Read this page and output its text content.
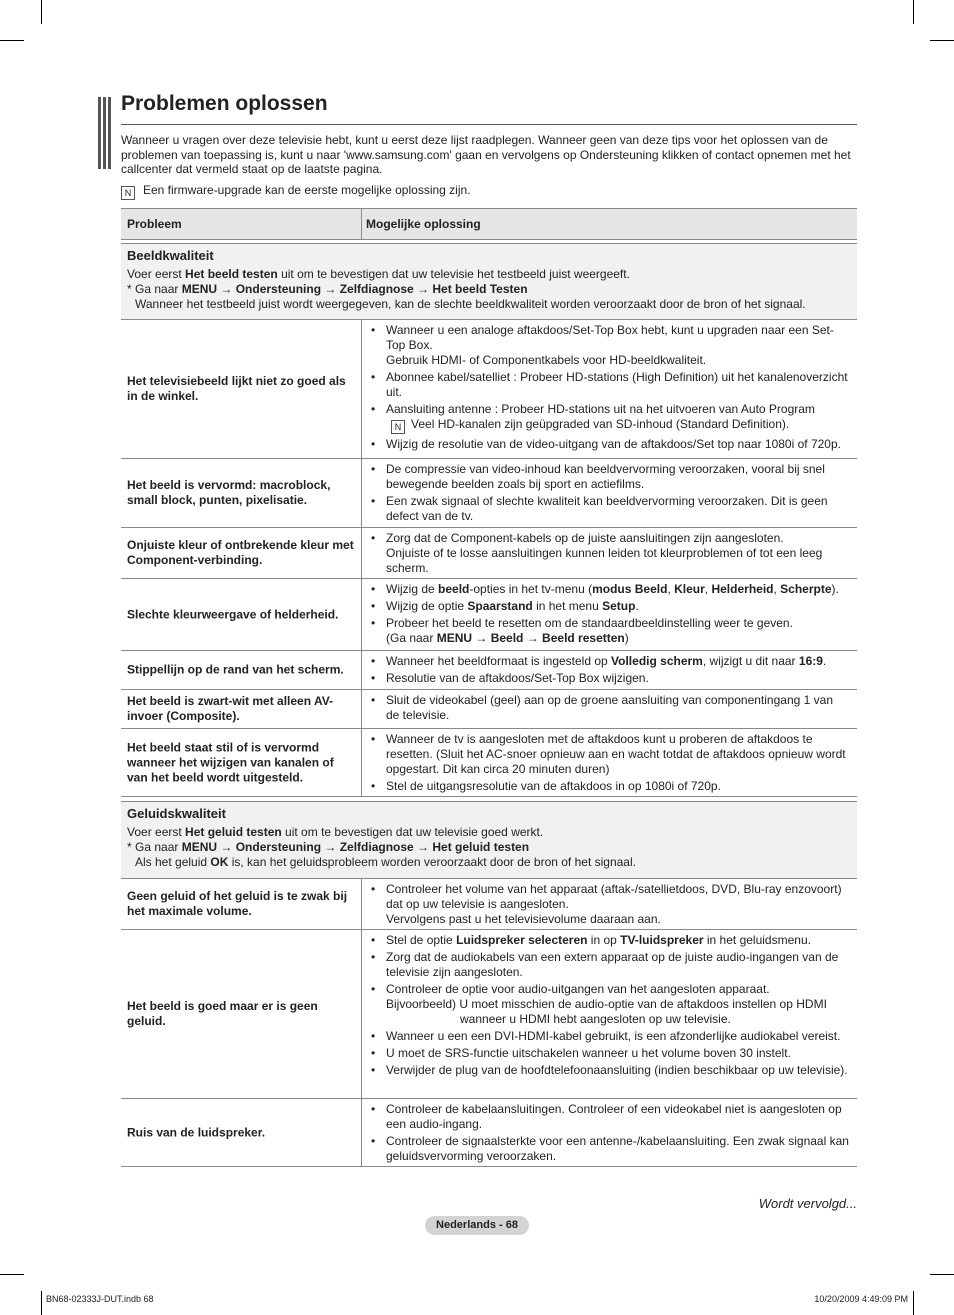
Problemen oplossen

Wanneer u vragen over deze televisie hebt, kunt u eerst deze lijst raadplegen. Wanneer geen van deze tips voor het oplossen van de problemen van toepassing is, kunt u naar 'www.samsung.com' gaan en vervolgens op Ondersteuning klikken of contact opnemen met het callcenter dat vermeld staat op de laatste pagina.

N Een firmware-upgrade kan de eerste mogelijke oplossing zijn.
Probleem	Mogelijke oplossing
Beeldkwaliteit

Voer eerst Het beeld testen uit om te bevestigen dat uw televisie het testbeeld juist weergeeft.

* Ga naar MENU → Ondersteuning → Zelfdiagnose → Het beeld Testen

Wanneer het testbeeld juist wordt weergegeven, kan de slechte beeldkwaliteit worden veroorzaakt door de bron of het signaal.

Het televisiebeeld lijkt niet zo goed als in de winkel.
• Wanneer u een analoge aftakdoos/Set-Top Box hebt, kunt u upgraden naar een Set-Top Box.
Gebruik HDMI- of Componentkabels voor HD-beeldkwaliteit.
• Abonnee kabel/satelliet : Probeer HD-stations (High Definition) uit het kanalenoverzicht uit.
• Aansluiting antenne : Probeer HD-stations uit na het uitvoeren van Auto Program
N Veel HD-kanalen zijn geüpgraded van SD-inhoud (Standard Definition).
• Wijzig de resolutie van de video-uitgang van de aftakdoos/Set top naar 1080i of 720p.
Het beeld is vervormd: macroblock, small block, punten, pixelisatie.
• De compressie van video-inhoud kan beeldvervorming veroorzaken, vooral bij snel bewegende beelden zoals bij sport en actiefilms.
• Een zwak signaal of slechte kwaliteit kan beeldvervorming veroorzaken. Dit is geen defect van de tv.
Onjuiste kleur of ontbrekende kleur met Component-verbinding.
• Zorg dat de Component-kabels op de juiste aansluitingen zijn aangesloten.
Onjuiste of te losse aansluitingen kunnen leiden tot kleurproblemen of tot een leeg scherm.
Slechte kleurweergave of helderheid.
• Wijzig de beeld-opties in het tv-menu (modus Beeld, Kleur, Helderheid, Scherpte).
• Wijzig de optie Spaarstand in het menu Setup.
• Probeer het beeld te resetten om de standaardbeeldinstelling weer te geven.
(Ga naar MENU → Beeld → Beeld resetten)
Stippellijn op de rand van het scherm.
• Wanneer het beeldformaat is ingesteld op Volledig scherm, wijzigt u dit naar 16:9.
• Resolutie van de aftakdoos/Set-Top Box wijzigen.
Het beeld is zwart-wit met alleen AV-invoer (Composite).
• Sluit de videokabel (geel) aan op de groene aansluiting van componentingang 1 van de televisie.
Het beeld staat stil of is vervormd wanneer het wijzigen van kanalen of van het beeld wordt uitgesteld.
• Wanneer de tv is aangesloten met de aftakdoos kunt u proberen de aftakdoos te resetten. (Sluit het AC-snoer opnieuw aan en wacht totdat de aftakdoos opnieuw wordt opgestart. Dit kan circa 20 minuten duren)
• Stel de uitgangsresolutie van de aftakdoos in op 1080i of 720p.
Geluidskwaliteit

Voer eerst Het geluid testen uit om te bevestigen dat uw televisie goed werkt.

* Ga naar MENU → Ondersteuning → Zelfdiagnose → Het geluid testen

Als het geluid OK is, kan het geluidsprobleem worden veroorzaakt door de bron of het signaal.

Geen geluid of het geluid is te zwak bij het maximale volume.
• Controleer het volume van het apparaat (aftak-/satellietdoos, DVD, Blu-ray enzovoort) dat op uw televisie is aangesloten.
Vervolgens past u het televisievolume daaraan aan.
Het beeld is goed maar er is geen geluid.
• Stel de optie Luidspreker selecteren in op TV-luidspreker in het geluidsmenu.
• Zorg dat de audiokabels van een extern apparaat op de juiste audio-ingangen van de televisie zijn aangesloten.
• Controleer de optie voor audio-uitgangen van het aangesloten apparaat.
Bijvoorbeeld) U moet misschien de audio-optie van de aftakdoos instellen op HDMI
wanneer u HDMI hebt aangesloten op uw televisie.
• Wanneer u een een DVI-HDMI-kabel gebruikt, is een afzonderlijke audiokabel vereist.
• U moet de SRS-functie uitschakelen wanneer u het volume boven 30 instelt.
• Verwijder de plug van de hoofdtelefoonaansluiting (indien beschikbaar op uw televisie).
Ruis van de luidspreker.
• Controleer de kabelaansluitingen. Controleer of een videokabel niet is aangesloten op een audio-ingang.
• Controleer de signaalsterkte voor een antenne-/kabelaansluiting. Een zwak signaal kan geluidsvervorming veroorzaken.
Wordt vervolgd...
Nederlands - 68
BN68-02333J-DUT.indb 68	10/20/2009 4:49:09 PM
